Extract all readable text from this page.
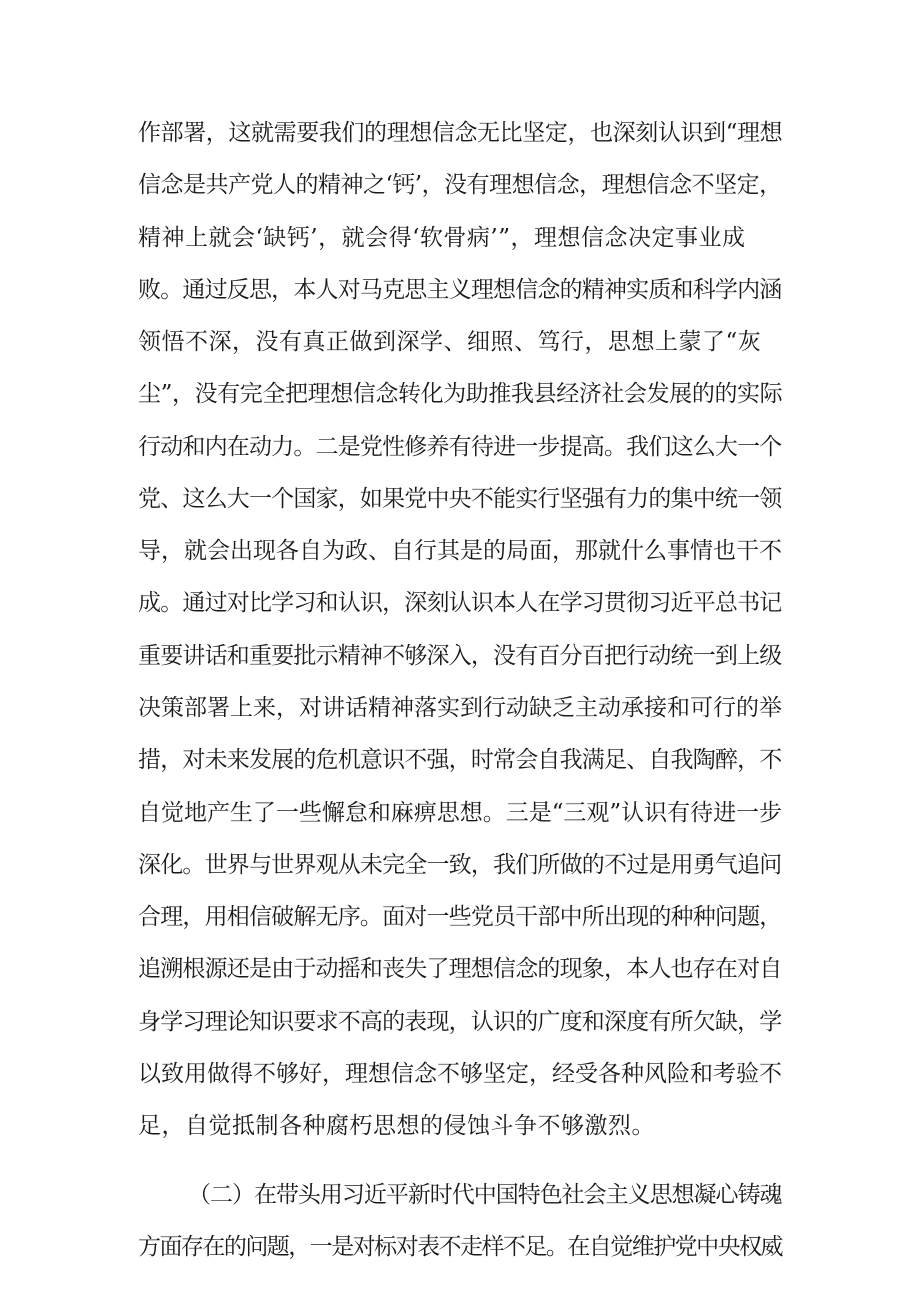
作部署，这就需要我们的理想信念无比坚定，也深刻认识到“理想
信念是共产党人的精神之‘钙’，没有理想信念，理想信念不坚定，
精神上就会‘缺钙’，就会得‘软骨病’”，理想信念决定事业成
败。通过反思，本人对马克思主义理想信念的精神实质和科学内涵
领悟不深，没有真正做到深学、细照、笃行，思想上蒙了“灰
尘”，没有完全把理想信念转化为助推我县经济社会发展的的实际
行动和内在动力。二是党性修养有待进一步提高。我们这么大一个
党、这么大一个国家，如果党中央不能实行坚强有力的集中统一领
导，就会出现各自为政、自行其是的局面，那就什么事情也干不
成。通过对比学习和认识，深刻认识本人在学习贯彻习近平总书记
重要讲话和重要批示精神不够深入，没有百分百把行动统一到上级
决策部署上来，对讲话精神落实到行动缺乏主动承接和可行的举
措，对未来发展的危机意识不强，时常会自我满足、自我陶醉，不
自觉地产生了一些懈怠和麻痹思想。三是“三观”认识有待进一步
深化。世界与世界观从未完全一致，我们所做的不过是用勇气追问
合理，用相信破解无序。面对一些党员干部中所出现的种种问题，
追溯根源还是由于动摇和丧失了理想信念的现象，本人也存在对自
身学习理论知识要求不高的表现，认识的广度和深度有所欠缺，学
以致用做得不够好，理想信念不够坚定，经受各种风险和考验不
足，自觉抵制各种腐朽思想的侵蚀斗争不够激烈。
（二）在带头用习近平新时代中国特色社会主义思想凝心铸魂
方面存在的问题，一是对标对表不走样不足。在自觉维护党中央权威
